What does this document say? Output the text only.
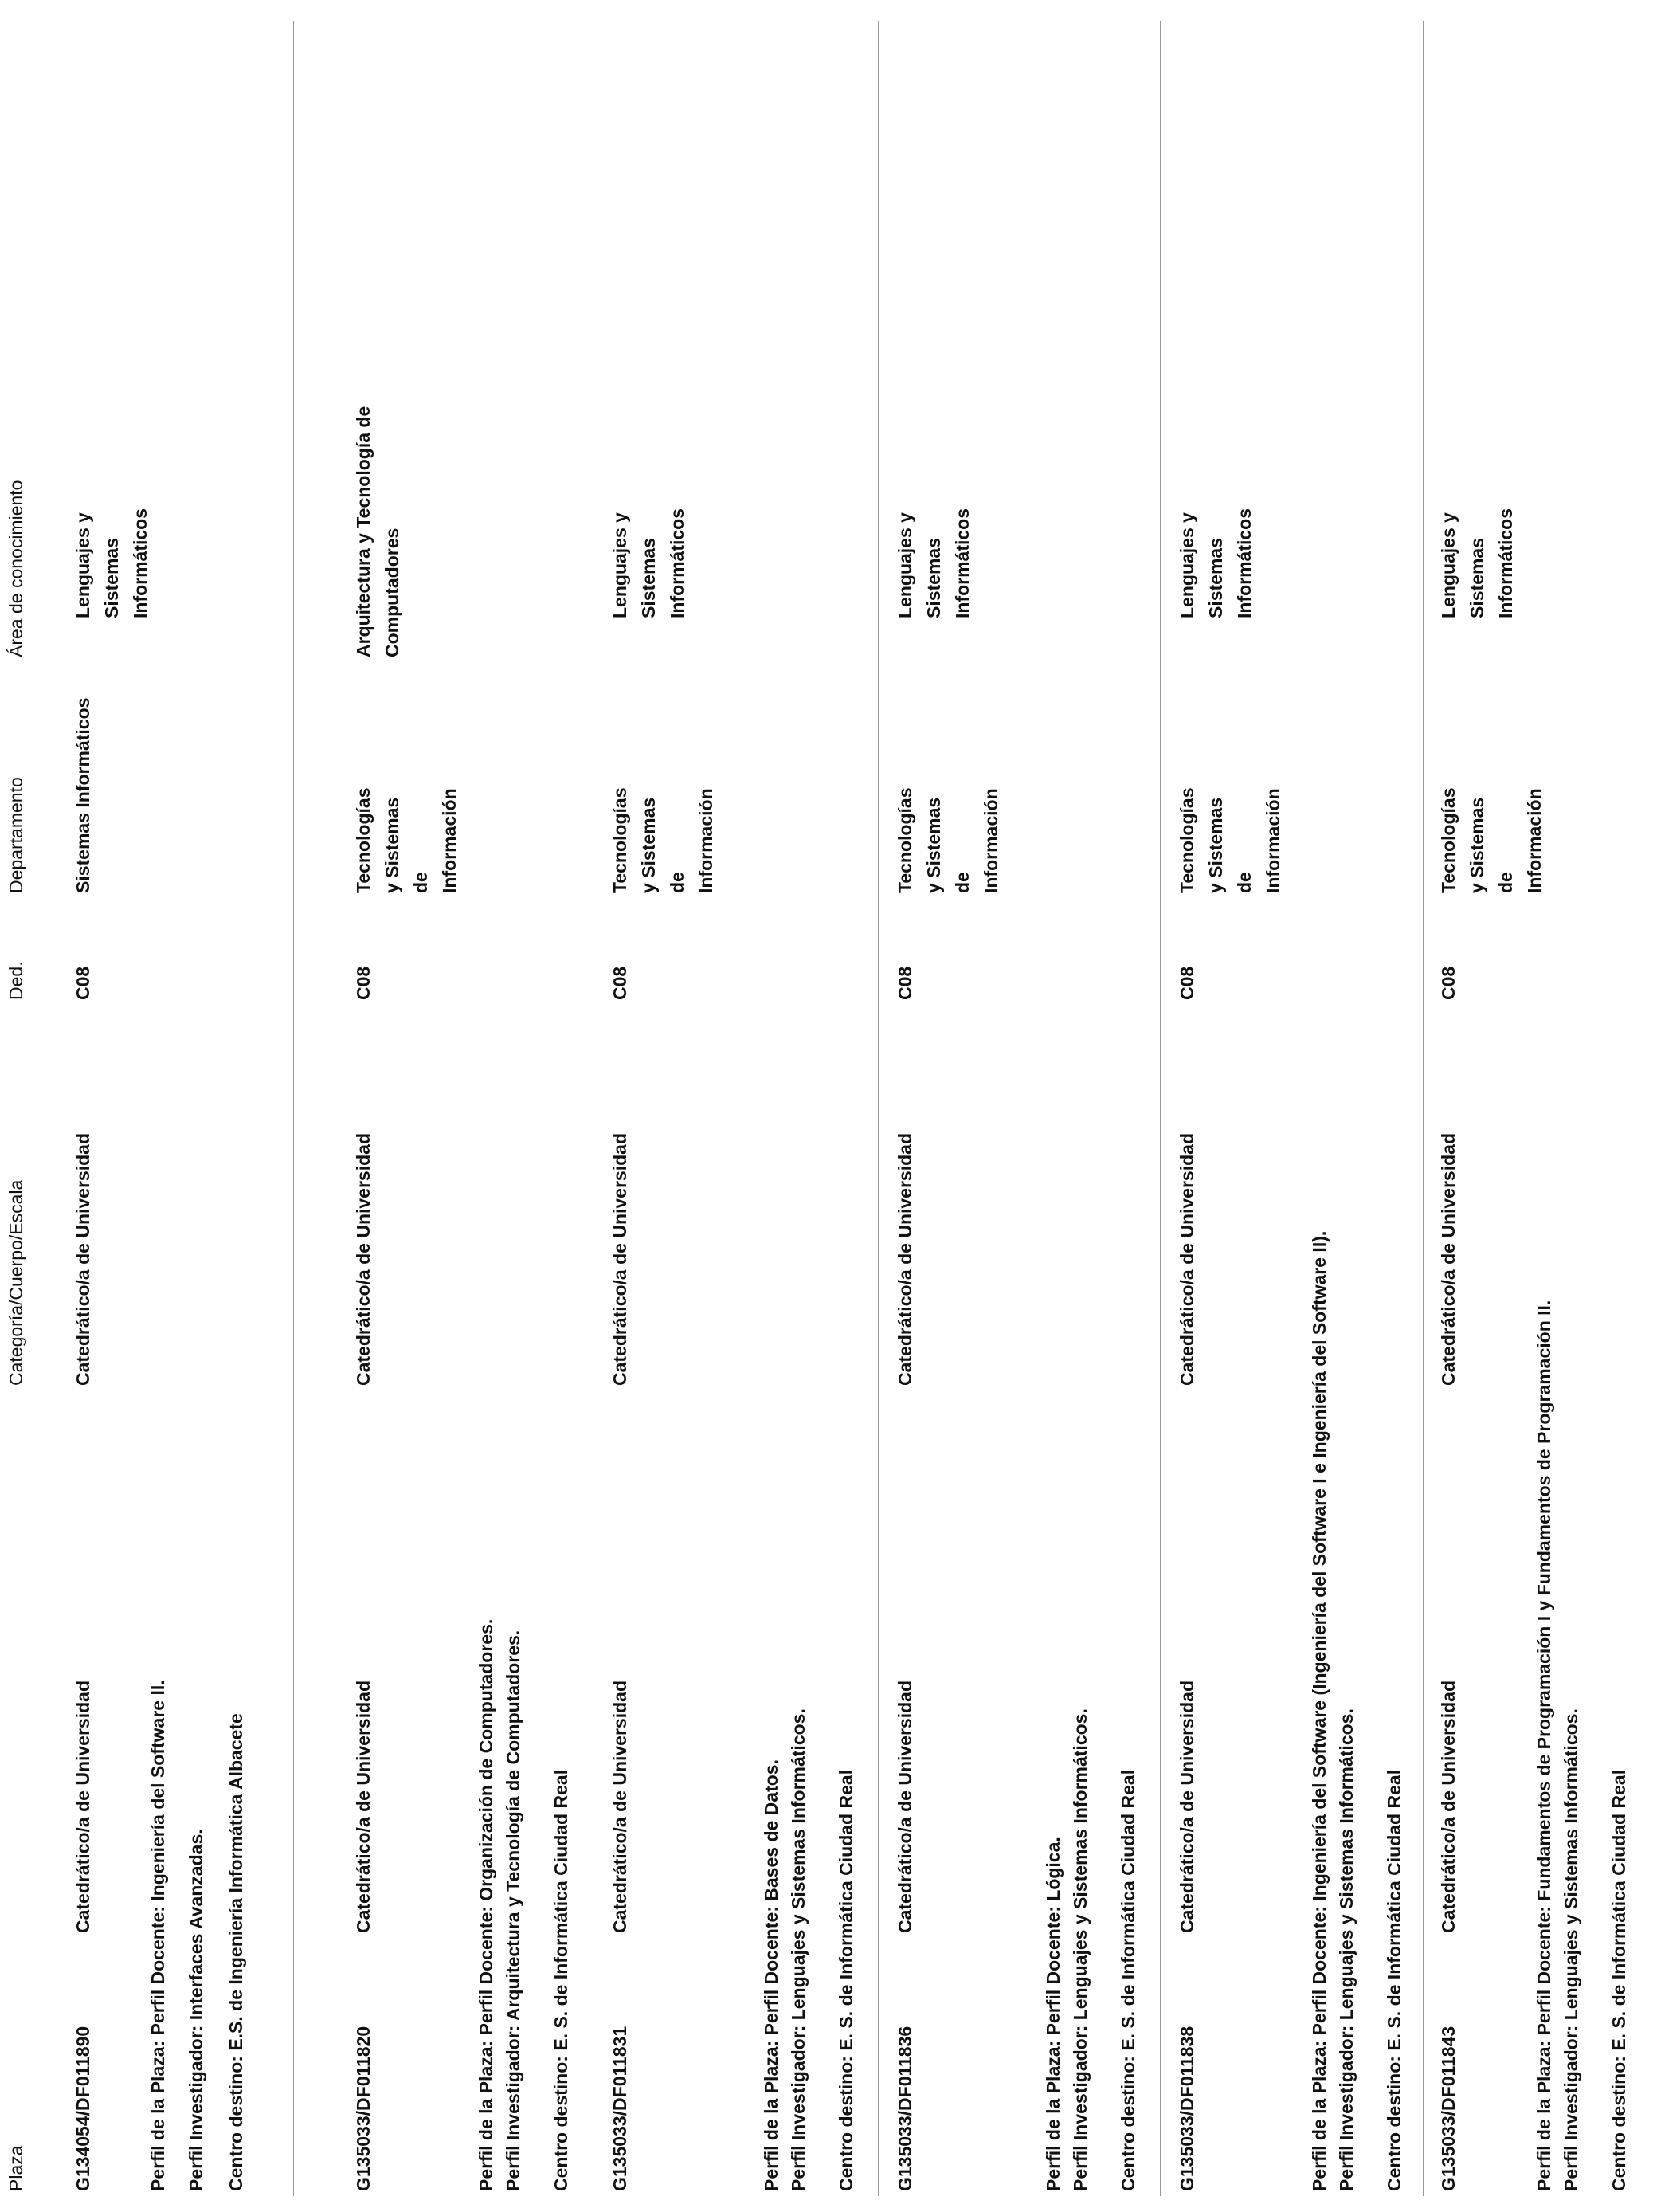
Plaza
Categoría/Cuerpo/Escala
Ded.
Departamento
Área de conocimiento
G134054/DF011890
Catedrático/a de Universidad
Catedrático/a de Universidad
C08
Sistemas Informáticos
Lenguajes y Sistemas Informáticos
Perfil de la Plaza: Perfil Docente: Ingeniería del Software II. Perfil Investigador: Interfaces Avanzadas. Centro destino: E.S. de Ingeniería Informática Albacete	G135033/DF011820
Catedrático/a de Universidad
Catedrático/a de Universidad
C08
Tecnologías y Sistemas de Información
Arquitectura y Tecnología de Computadores
Perfil de la Plaza: Perfil Docente: Organización de Computadores. Perfil Investigador: Arquitectura y Tecnología de Computadores. Centro destino: E. S. de Informática Ciudad Real G135033/DF011831
Catedrático/a de Universidad
Catedrático/a de Universidad
C08
Tecnologías y Sistemas de Información
Lenguajes y Sistemas Informáticos
Perfil de la Plaza: Perfil Docente: Bases de Datos. Perfil Investigador: Lenguajes y Sistemas Informáticos. Centro destino: E. S. de Informática Ciudad Real G135033/DF011836
Catedrático/a de Universidad
Catedrático/a de Universidad
C08
Tecnologías y Sistemas de Información
Lenguajes y Sistemas Informáticos
Perfil de la Plaza: Perfil Docente: Lógica. Perfil Investigador: Lenguajes y Sistemas Informáticos. Centro destino: E. S. de Informática Ciudad Real G135033/DF011838
Catedrático/a de Universidad
Catedrático/a de Universidad
C08
Tecnologías y Sistemas de Información
Lenguajes y Sistemas Informáticos
Perfil de la Plaza: Perfil Docente: Ingeniería del Software (Ingeniería del Software I e Ingeniería del Software II). Perfil Investigador: Lenguajes y Sistemas Informáticos. Centro destino: E. S. de Informática Ciudad Real G135033/DF011843
Catedrático/a de Universidad
Catedrático/a de Universidad
C08
Tecnologías y Sistemas de Información
Lenguajes y Sistemas Informáticos
Perfil de la Plaza: Perfil Docente: Fundamentos de Programación I y Fundamentos de Programación II. Perfil Investigador: Lenguajes y Sistemas Informáticos. Centro destino: E. S. de Informática Ciudad Real
